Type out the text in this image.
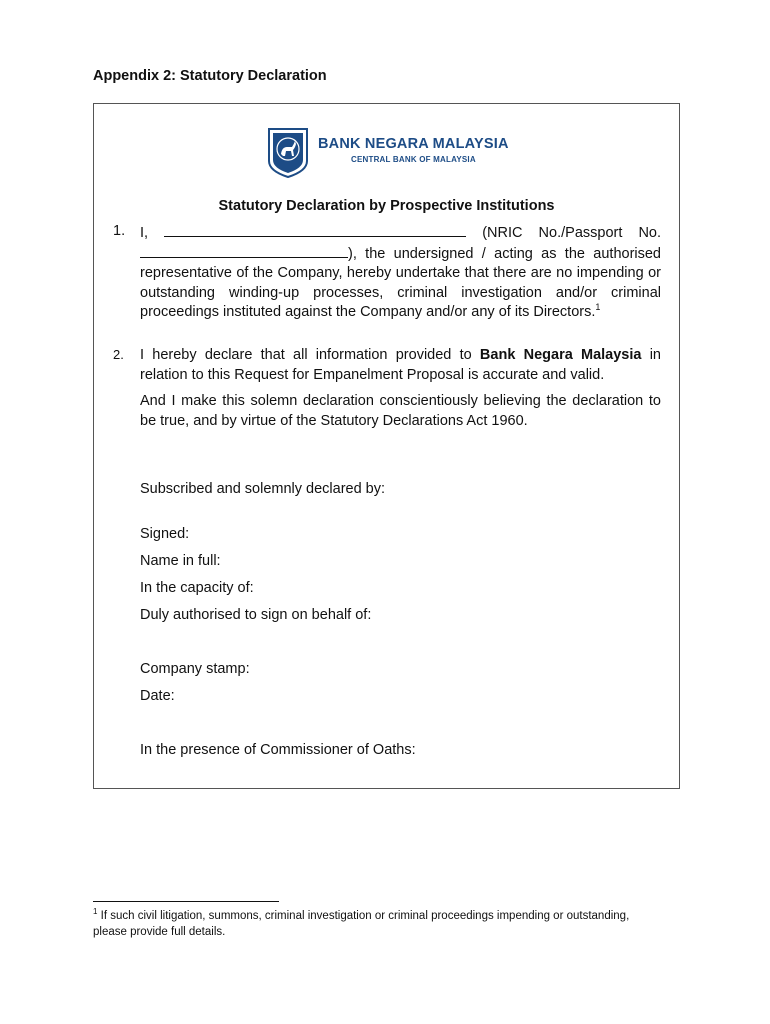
Appendix 2: Statutory Declaration
BANK NEGARA MALAYSIA
CENTRAL BANK OF MALAYSIA
Statutory Declaration by Prospective Institutions
1. I,	(NRIC No./Passport No.

), the undersigned / acting as the authorised representative of the Company, hereby undertake that there are no impending or outstanding winding-up processes, criminal investigation and/or criminal proceedings instituted against the Company and/or any of its Directors.$^1$

2. I hereby declare that all information provided to Bank Negara Malaysia in relation to this Request for Empanelment Proposal is accurate and valid.

And I make this solemn declaration conscientiously believing the declaration to be true, and by virtue of the Statutory Declarations Act 1960.

Subscribed and solemnly declared by:
Signed:
Name in full:
In the capacity of:
Duly authorised to sign on behalf of:
Company stamp:
Date:
In the presence of Commissioner of Oaths:
$^1$ If such civil litigation, summons, criminal investigation or criminal proceedings impending or outstanding, please provide full details.
